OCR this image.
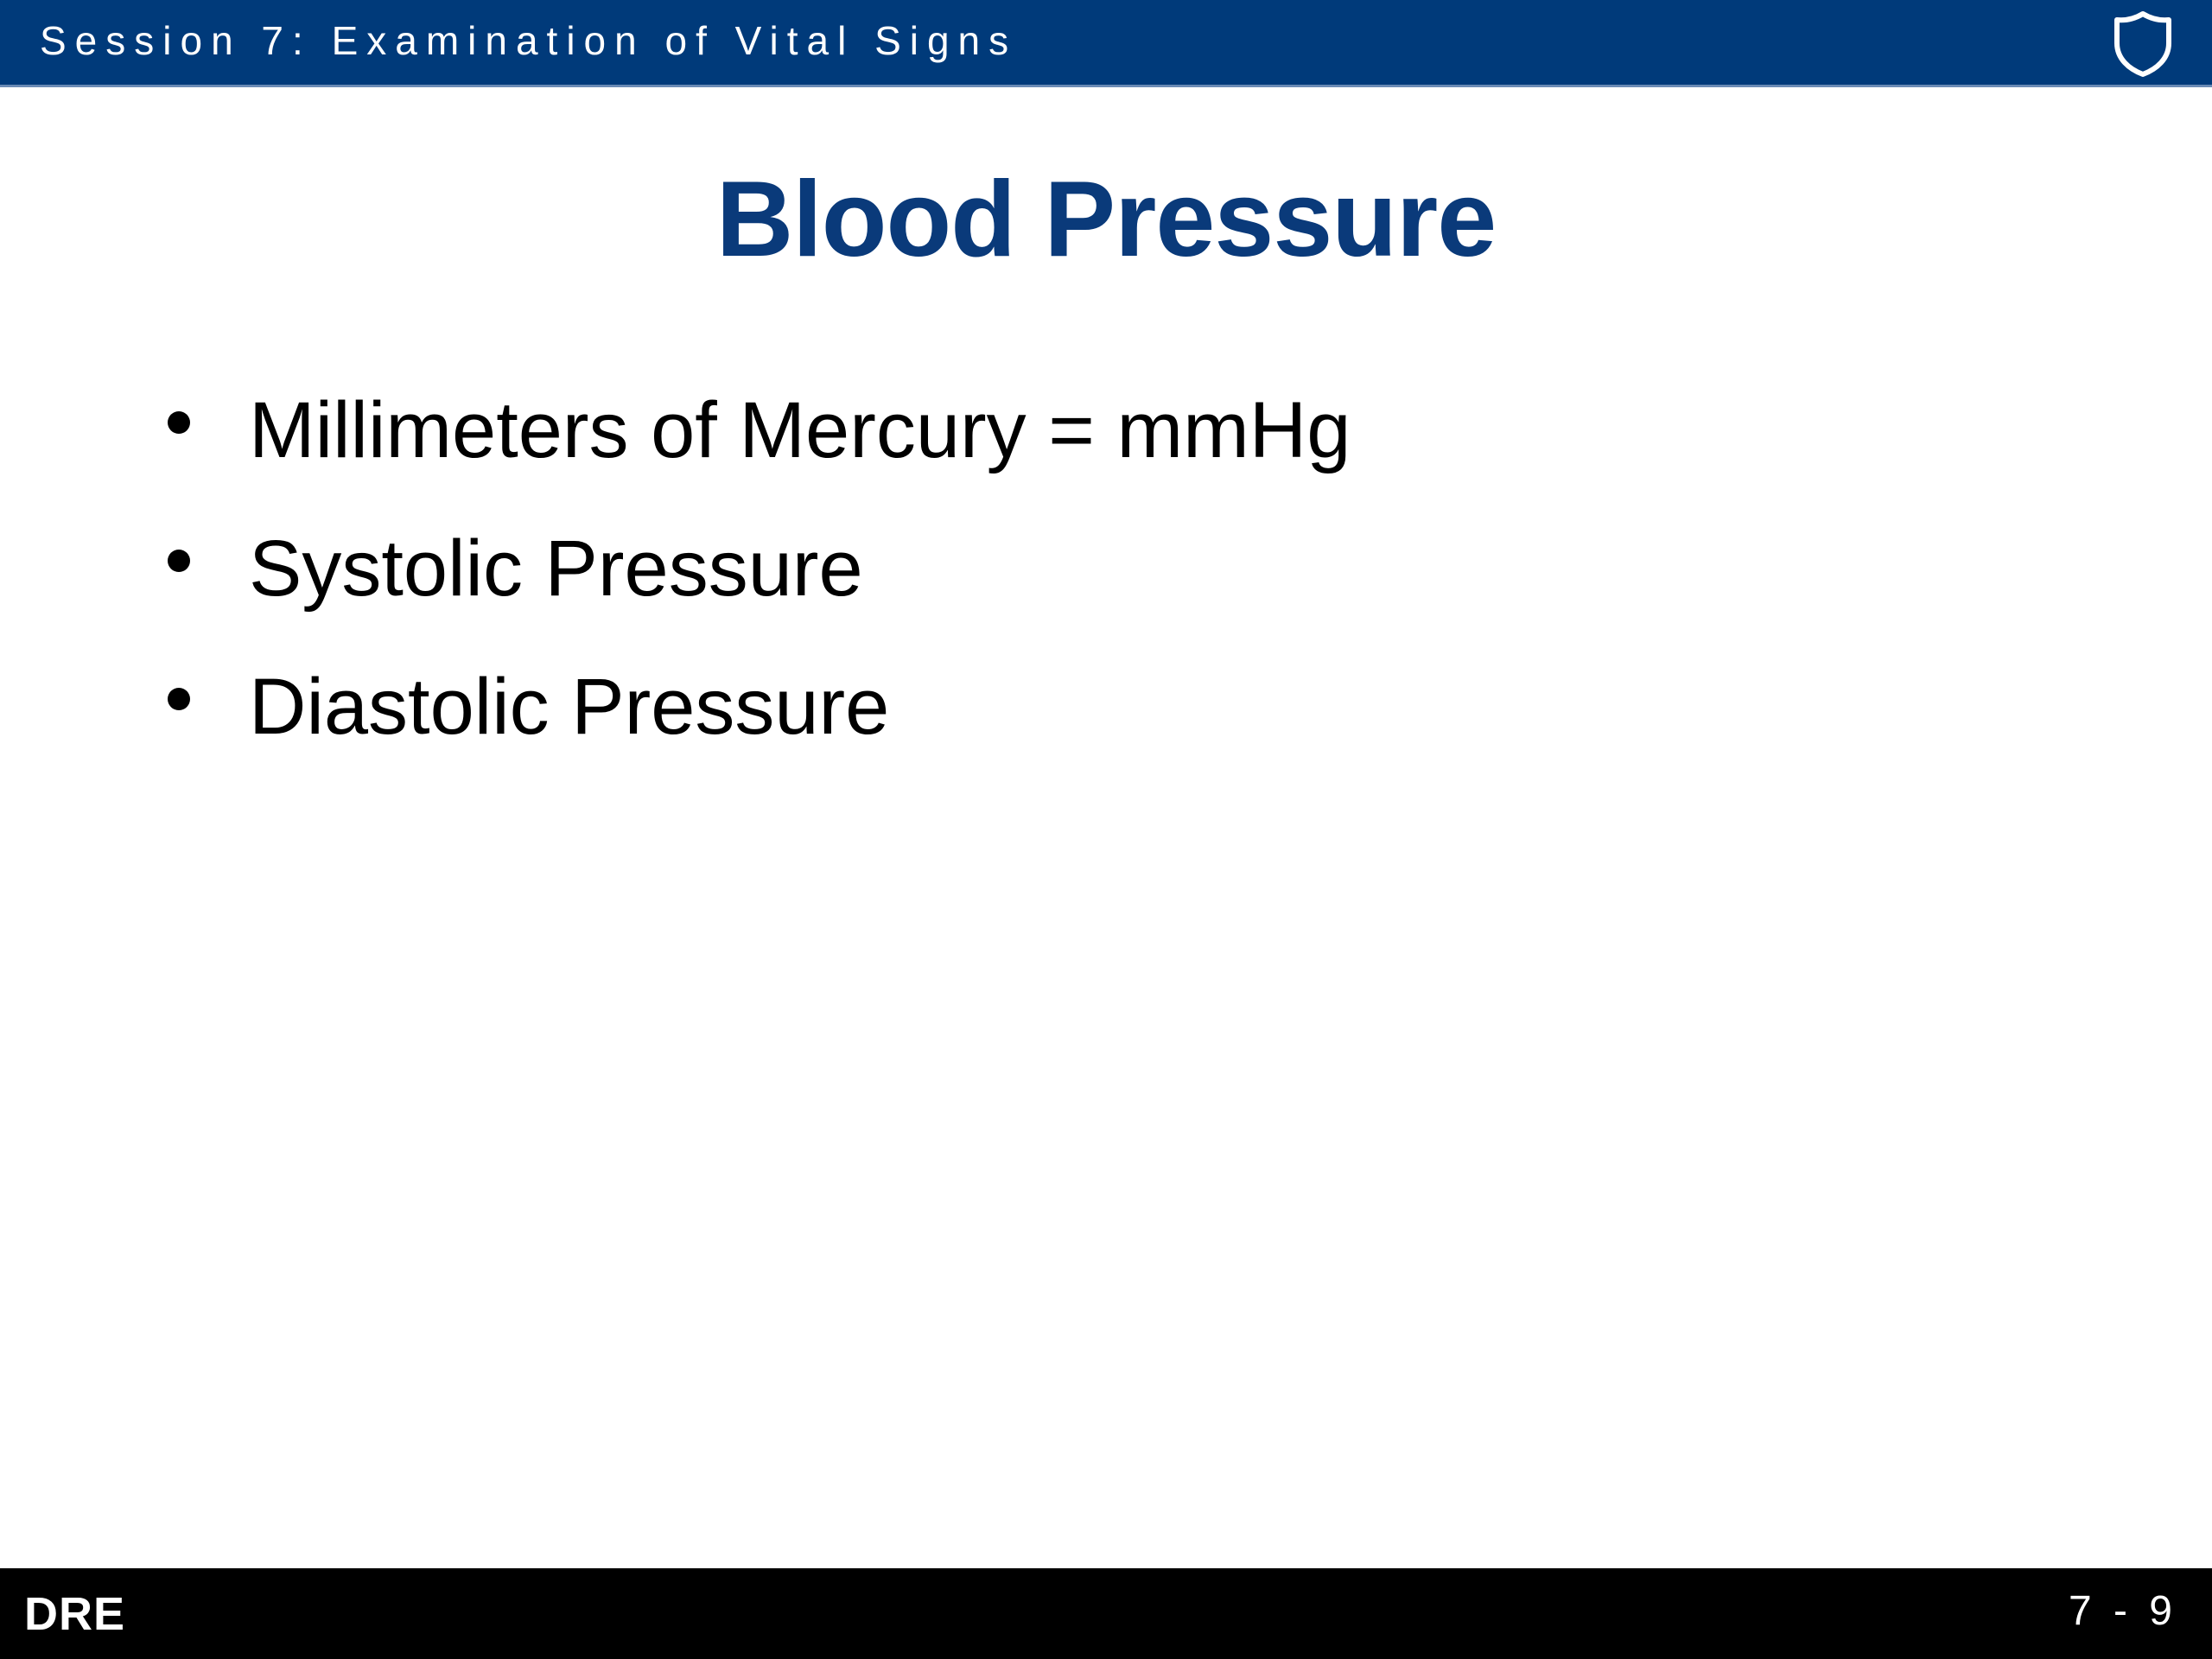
Session 7: Examination of Vital Signs
Blood Pressure
Millimeters of Mercury = mmHg
Systolic Pressure
Diastolic Pressure
DRE	7 - 9
